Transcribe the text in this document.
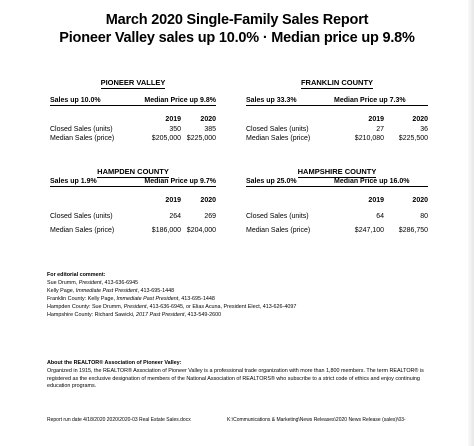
March 2020 Single-Family Sales Report
Pioneer Valley sales up 10.0% · Median price up 9.8%
PIONEER VALLEY
Sales up 10.0%	Median Price up 9.8%
2019	2020
Closed Sales (units)	350	385
Median Sales (price)	$205,000 $225,000
FRANKLIN COUNTY
Sales up 33.3%	Median Price up 7.3%
2019	2020
Closed Sales (units)	27	36
Median Sales (price)	$210,080	$225,500
HAMPDEN COUNTY
Sales up 1.9%	Median Price up 9.7%
2019	2020
Closed Sales (units)	264	269
Median Sales (price)	$186,000 $204,000
HAMPSHIRE COUNTY
Sales up 25.0%	Median Price up 16.0%
2019	2020
Closed Sales (units)	64	80
Median Sales (price)	$247,100	$286,750
For editorial comment:
Sue Drumm, President, 413-636-6945
Kelly Page, Immediate Past President, 413-695-1448
Franklin County: Kelly Page, Immediate Past President, 413-695-1448
Hampden County: Sue Drumm, President, 413-636-6945, or Elias Acuna, President Elect, 413-626-4097
Hampshire County: Richard Sawicki, 2017 Past President, 413-549-2600
About the REALTOR® Association of Pioneer Valley:
Organized in 1915, the REALTOR® Association of Pioneer Valley is a professional trade organization with more than 1,800 members. The term REALTOR® is registered as the exclusive designation of members of the National Association of REALTORS® who subscribe to a strict code of ethics and enjoy continuing education programs.
Report run date 4/18/2020 2020\2020-03 Real Estate Sales.docx	K:\Communications & Marketing\News Releases\2020 News Release (sales)\03-
